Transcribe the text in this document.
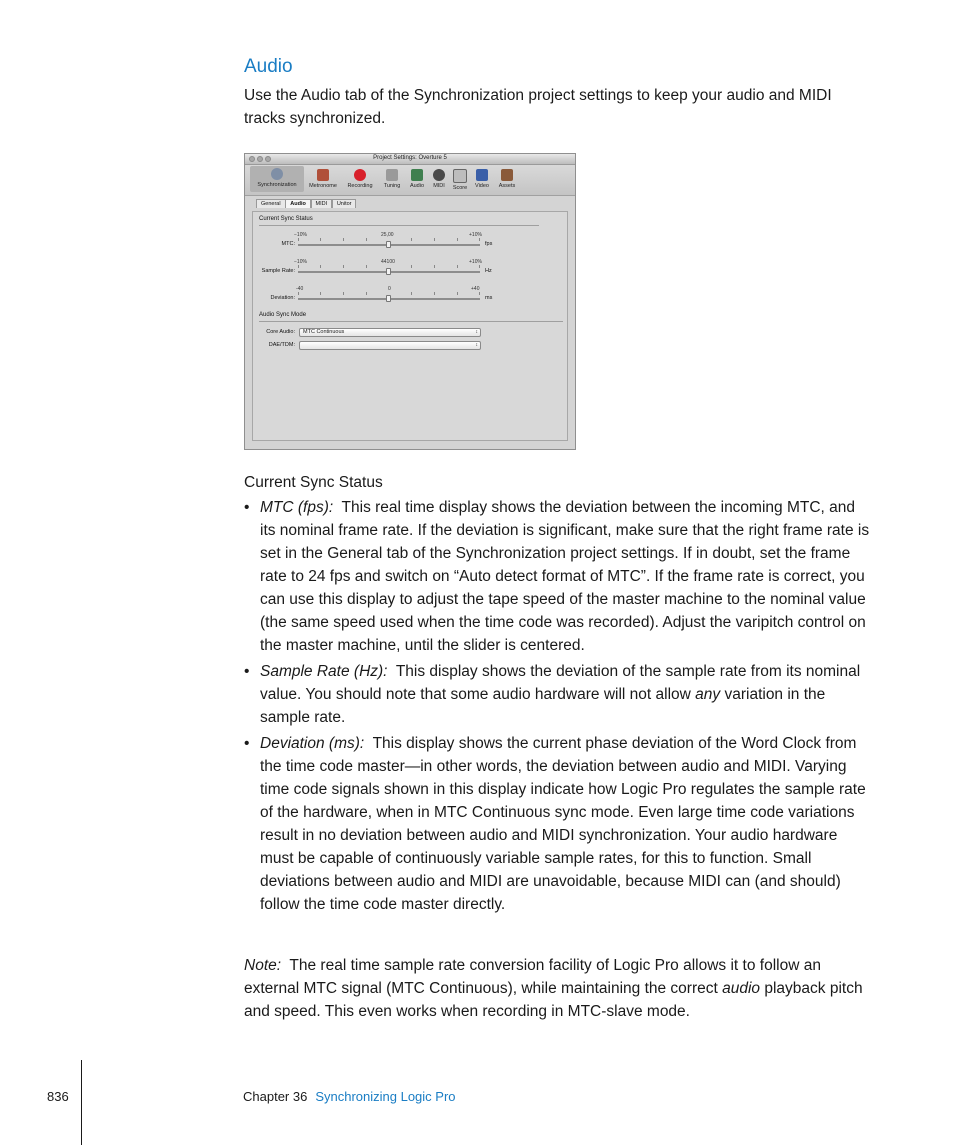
Audio

Use the Audio tab of the Synchronization project settings to keep your audio and MIDI tracks synchronized.

Project Settings: Overture 5
Synchronization	Metronome	Recording	Tuning	Audio	MIDI	Score	Video	Assets
General Audio MIDI Unitor
Current Sync Status
−10%	25,00	+10%
MTC:	fps
−10%	44100	+10%
Sample Rate:	Hz
-40	0	+40
Deviation:	ms
Audio Sync Mode
Core Audio:	MTC Continuous	↕
DAE/TDM:	↕
Current Sync Status
• MTC (fps): This real time display shows the deviation between the incoming MTC, and its nominal frame rate. If the deviation is significant, make sure that the right frame rate is set in the General tab of the Synchronization project settings. If in doubt, set the frame rate to 24 fps and switch on “Auto detect format of MTC”. If the frame rate is correct, you can use this display to adjust the tape speed of the master machine to the nominal value (the same speed used when the time code was recorded). Adjust the varipitch control on the master machine, until the slider is centered.
• Sample Rate (Hz): This display shows the deviation of the sample rate from its nominal value. You should note that some audio hardware will not allow any variation in the sample rate.
• Deviation (ms): This display shows the current phase deviation of the Word Clock from the time code master—in other words, the deviation between audio and MIDI. Varying time code signals shown in this display indicate how Logic Pro regulates the sample rate of the hardware, when in MTC Continuous sync mode. Even large time code variations result in no deviation between audio and MIDI synchronization. Your audio hardware must be capable of continuously variable sample rates, for this to function. Small deviations between audio and MIDI are unavoidable, because MIDI can (and should) follow the time code master directly.

Note: The real time sample rate conversion facility of Logic Pro allows it to follow an external MTC signal (MTC Continuous), while maintaining the correct audio playback pitch and speed. This even works when recording in MTC-slave mode.

836	Chapter 36 Synchronizing Logic Pro
